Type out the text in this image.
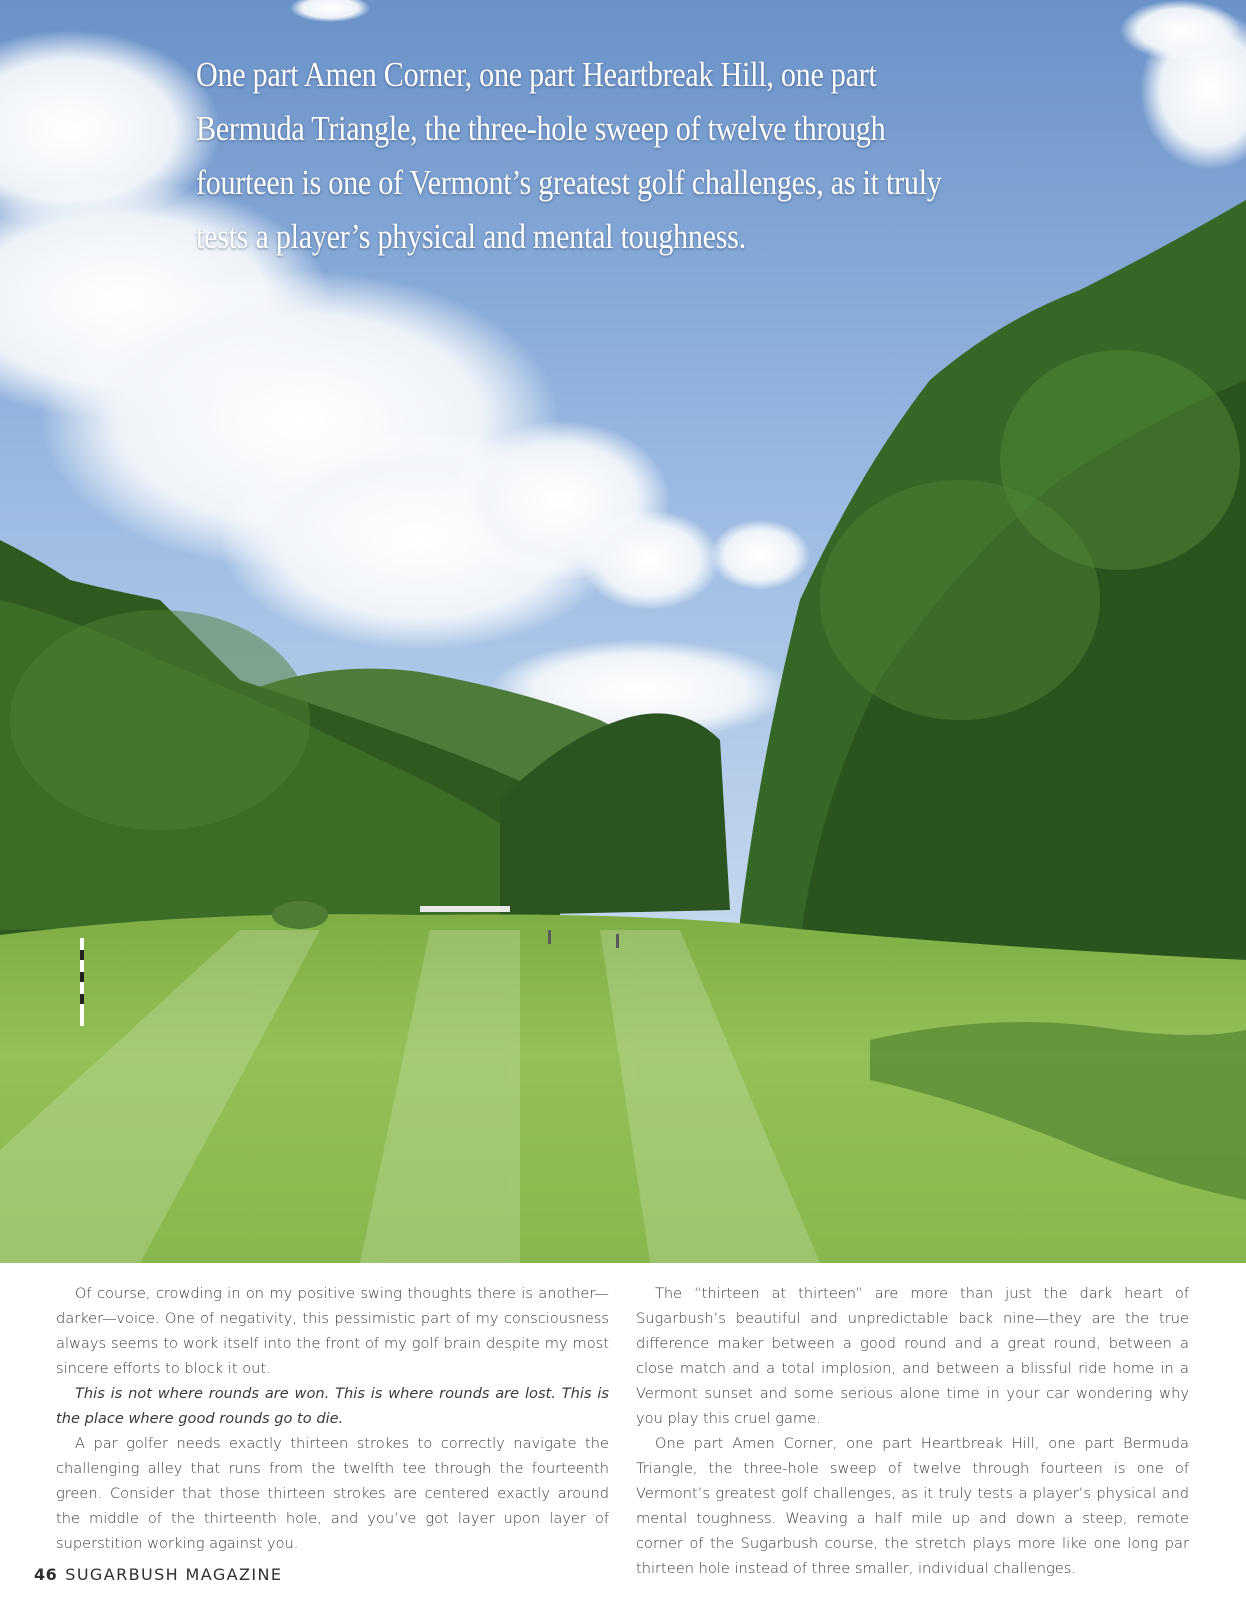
One part Amen Corner, one part Heartbreak Hill, one part Bermuda Triangle, the three-hole sweep of twelve through fourteen is one of Vermont’s greatest golf challenges, as it truly tests a player’s physical and mental toughness.

Of course, crowding in on my positive swing thoughts there is another—darker—voice. One of negativity, this pessimistic part of my consciousness always seems to work itself into the front of my golf brain despite my most sincere efforts to block it out.

This is not where rounds are won. This is where rounds are lost. This is the place where good rounds go to die.

A par golfer needs exactly thirteen strokes to correctly navigate the challenging alley that runs from the twelfth tee through the fourteenth green. Consider that those thirteen strokes are centered exactly around the middle of the thirteenth hole, and you’ve got layer upon layer of superstition working against you.

The “thirteen at thirteen” are more than just the dark heart of Sugarbush’s beautiful and unpredictable back nine—they are the true difference maker between a good round and a great round, between a close match and a total implosion, and between a blissful ride home in a Vermont sunset and some serious alone time in your car wondering why you play this cruel game.

One part Amen Corner, one part Heartbreak Hill, one part Bermuda Triangle, the three-hole sweep of twelve through fourteen is one of Vermont’s greatest golf challenges, as it truly tests a player’s physical and mental toughness. Weaving a half mile up and down a steep, remote corner of the Sugarbush course, the stretch plays more like one long par thirteen hole instead of three smaller, individual challenges.

46 SUGARBUSH MAGAZINE
